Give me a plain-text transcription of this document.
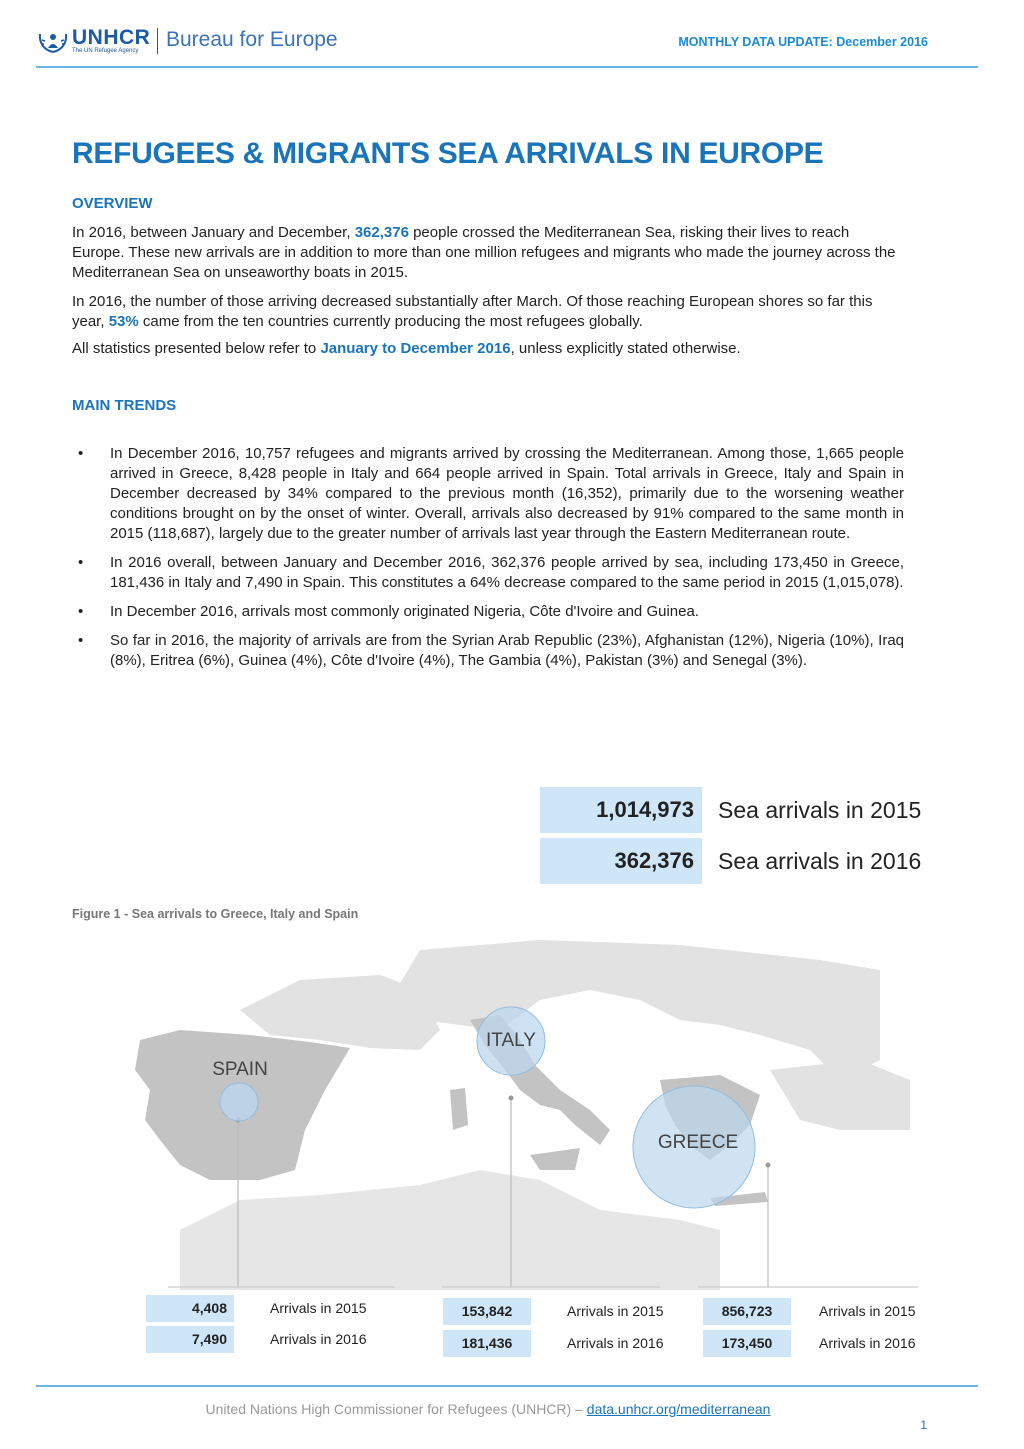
UNHCR
The UN Refugee Agency Bureau for Europe	MONTHLY DATA UPDATE: December 2016
REFUGEES & MIGRANTS SEA ARRIVALS IN EUROPE
OVERVIEW
In 2016, between January and December, 362,376 people crossed the Mediterranean Sea, risking their lives to reach Europe. These new arrivals are in addition to more than one million refugees and migrants who made the journey across the Mediterranean Sea on unseaworthy boats in 2015.
In 2016, the number of those arriving decreased substantially after March. Of those reaching European shores so far this year, 53% came from the ten countries currently producing the most refugees globally.
All statistics presented below refer to January to December 2016, unless explicitly stated otherwise.
MAIN TRENDS
• In December 2016, 10,757 refugees and migrants arrived by crossing the Mediterranean. Among those, 1,665 people arrived in Greece, 8,428 people in Italy and 664 people arrived in Spain. Total arrivals in Greece, Italy and Spain in December decreased by 34% compared to the previous month (16,352), primarily due to the worsening weather conditions brought on by the onset of winter. Overall, arrivals also decreased by 91% compared to the same month in 2015 (118,687), largely due to the greater number of arrivals last year through the Eastern Mediterranean route.
• In 2016 overall, between January and December 2016, 362,376 people arrived by sea, including 173,450 in Greece, 181,436 in Italy and 7,490 in Spain. This constitutes a 64% decrease compared to the same period in 2015 (1,015,078).
• In December 2016, arrivals most commonly originated Nigeria, Côte d'Ivoire and Guinea.
• So far in 2016, the majority of arrivals are from the Syrian Arab Republic (23%), Afghanistan (12%), Nigeria (10%), Iraq (8%), Eritrea (6%), Guinea (4%), Côte d'Ivoire (4%), The Gambia (4%), Pakistan (3%) and Senegal (3%).
1,014,973	Sea arrivals in 2015
362,376	Sea arrivals in 2016
Figure 1 - Sea arrivals to Greece, Italy and Spain
SPAIN
ITALY
GREECE
4,408	Arrivals in 2015
7,490	Arrivals in 2016
153,842	Arrivals in 2015
181,436	Arrivals in 2016
856,723	Arrivals in 2015
173,450	Arrivals in 2016
United Nations High Commissioner for Refugees (UNHCR) – data.unhcr.org/mediterranean
1
